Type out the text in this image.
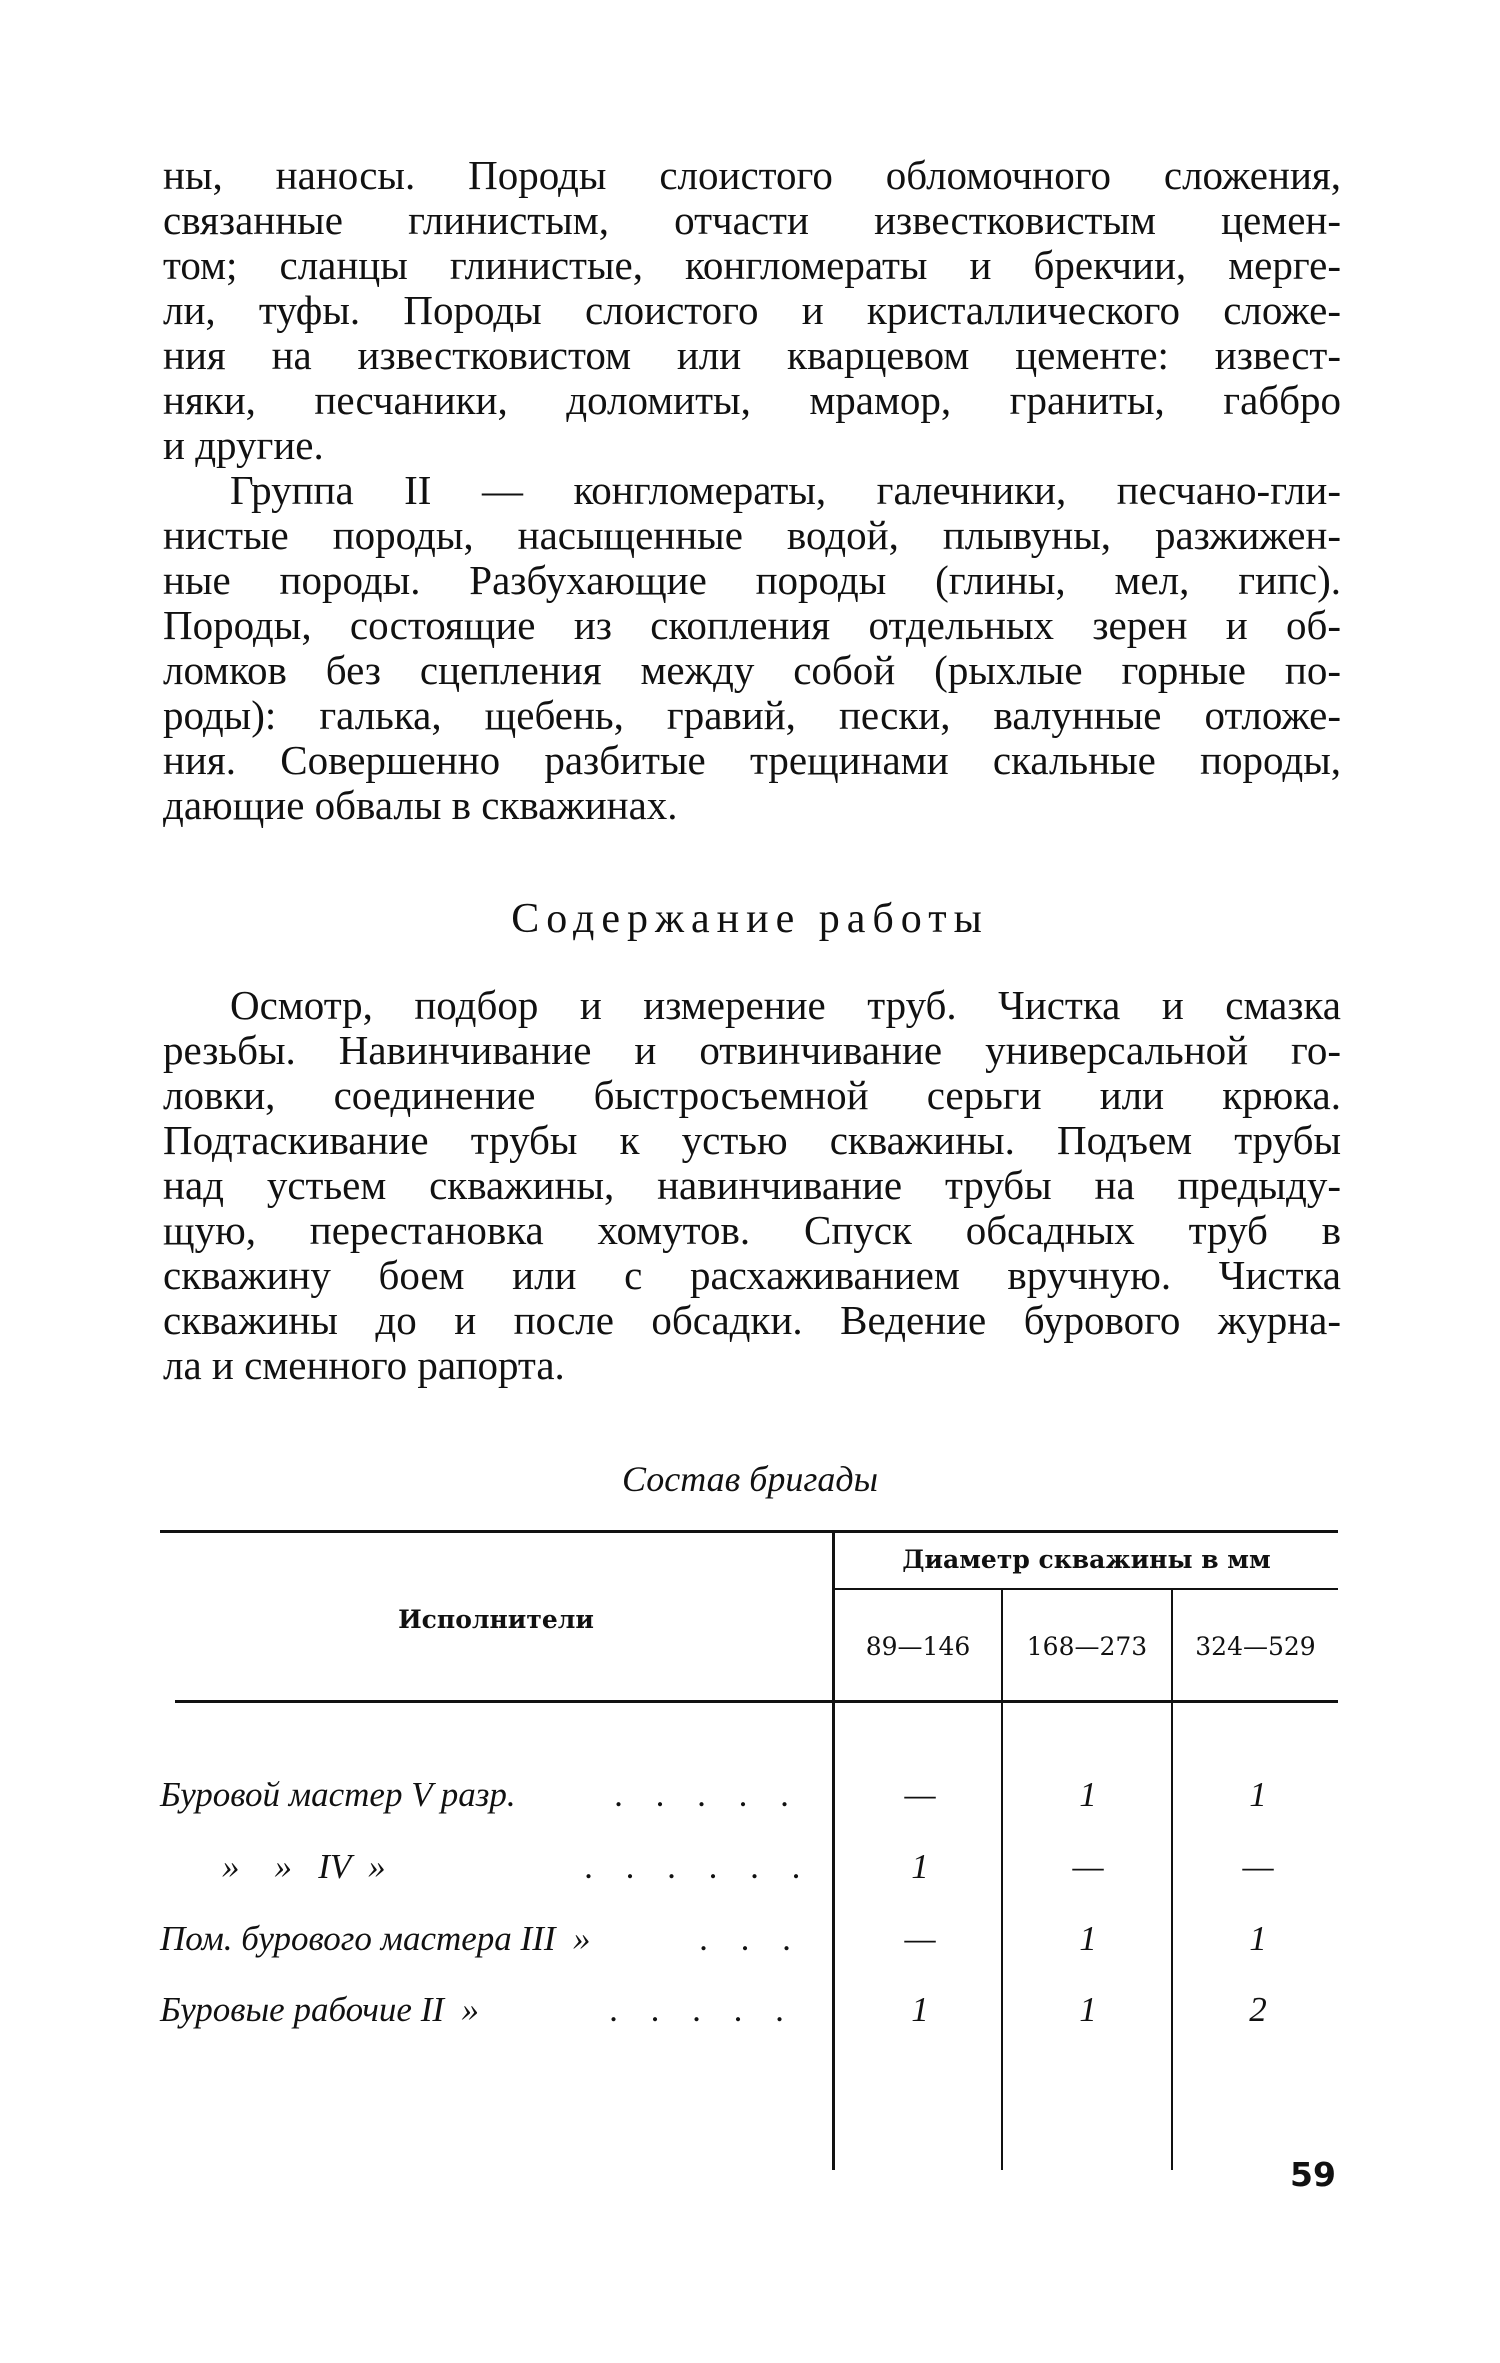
ны, наносы. Породы слоистого обломочного сложения,
связанные глинистым, отчасти известковистым цемен-
том; сланцы глинистые, конгломераты и брекчии, мерге-
ли, туфы. Породы слоистого и кристаллического сложе-
ния на известковистом или кварцевом цементе: извест-
няки, песчаники, доломиты, мрамор, граниты, габбро
и другие.
Группа II — конгломераты, галечники, песчано-гли-
нистые породы, насыщенные водой, плывуны, разжижен-
ные породы. Разбухающие породы (глины, мел, гипс).
Породы, состоящие из скопления отдельных зерен и об-
ломков без сцепления между собой (рыхлые горные по-
роды): галька, щебень, гравий, пески, валунные отложе-
ния. Совершенно разбитые трещинами скальные породы,
дающие обвалы в скважинах.

Содержание работы

Осмотр, подбор и измерение труб. Чистка и смазка
резьбы. Навинчивание и отвинчивание универсальной го-
ловки, соединение быстросъемной серьги или крюка.
Подтаскивание трубы к устью скважины. Подъем трубы
над устьем скважины, навинчивание трубы на предыду-
щую, перестановка хомутов. Спуск обсадных труб в
скважину боем или с расхаживанием вручную. Чистка
скважины до и после обсадки. Ведение бурового журна-
ла и сменного рапорта.

Состав бригады

Исполнители
Диаметр скважины в мм
89—146	168—273	324—529
Буровой мастер V разр.	. . . . .	—	1	1
»    »   IV  »	. . . . . .	1	—	—
Пом. бурового мастера III  »	. . .	—	1	1
Буровые рабочие II  »	. . . . .	1	1	2

59
